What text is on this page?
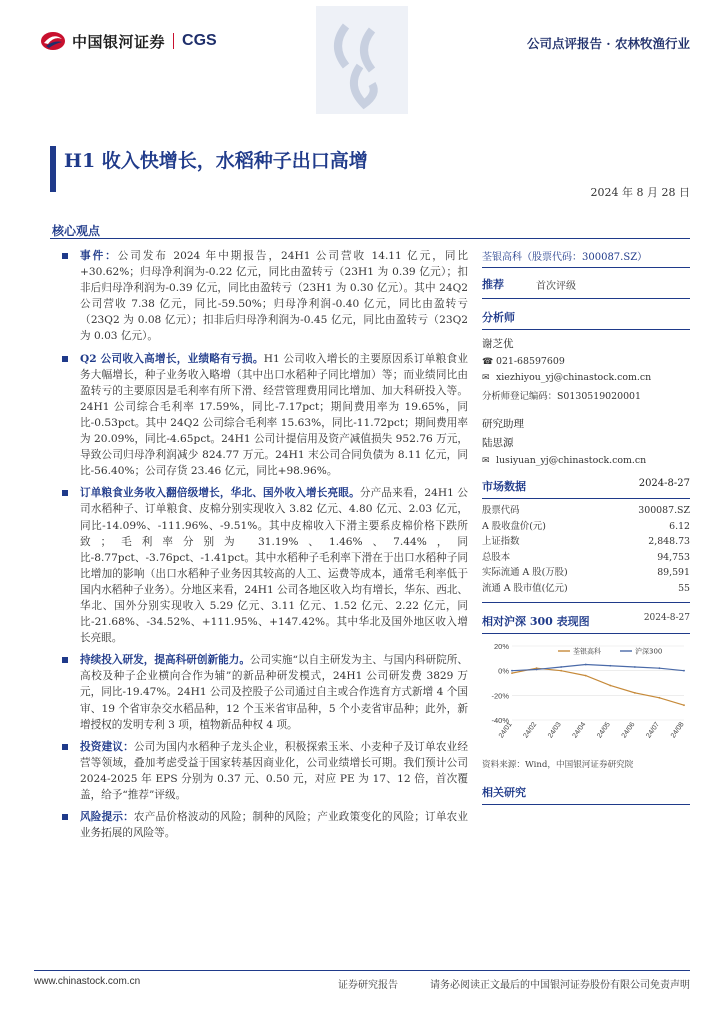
中国银河证券 CGS	公司点评报告 · 农林牧渔行业
H1 收入快增长，水稻种子出口高增
2024 年 8 月 28 日
核心观点
事件：公司发布 2024 年中期报告，24H1 公司营收 14.11 亿元，同比+30.62%；归母净利润为-0.22 亿元，同比由盈转亏（23H1 为 0.39 亿元）；扣非后归母净利润为-0.39 亿元，同比由盈转亏（23H1 为 0.30 亿元）。其中 24Q2 公司营收 7.38 亿元，同比-59.50%；归母净利润-0.40 亿元，同比由盈转亏（23Q2 为 0.08 亿元）；扣非后归母净利润为-0.45 亿元，同比由盈转亏（23Q2 为 0.03 亿元）。
Q2 公司收入高增长，业绩略有亏损。H1 公司收入增长的主要原因系订单粮食业务大幅增长，种子业务收入略增（其中出口水稻种子同比增加）等；而业绩同比由盈转亏的主要原因是毛利率有所下滑、经营管理费用同比增加、加大科研投入等。24H1 公司综合毛利率 17.59%，同比-7.17pct；期间费用率为 19.65%，同比-0.53pct。其中 24Q2 公司综合毛利率 15.63%，同比-11.72pct；期间费用率为 20.09%，同比-4.65pct。24H1 公司计提信用及资产减值损失 952.76 万元，导致公司归母净利润减少 824.77 万元。24H1 末公司合同负债为 8.11 亿元，同比-56.40%；公司存货 23.46 亿元，同比+98.96%。
订单粮食业务收入翻倍级增长，华北、国外收入增长亮眼。分产品来看，24H1 公司水稻种子、订单粮食、皮棉分别实现收入 3.82 亿元、4.80 亿元、2.03 亿元，同比-14.09%、-111.96%、-9.51%。其中皮棉收入下滑主要系皮棉价格下跌所致；毛利率分别为 31.19%、1.46%、7.44%，同比-8.77pct、-3.76pct、-1.41pct。其中水稻种子毛利率下滑在于出口水稻种子同比增加的影响（出口水稻种子业务因其较高的人工、运费等成本，通常毛利率低于国内水稻种子业务）。分地区来看，24H1 公司各地区收入均有增长，华东、西北、华北、国外分别实现收入 5.29 亿元、3.11 亿元、1.52 亿元、2.22 亿元，同比-21.68%、-34.52%、+111.95%、+147.42%。其中华北及国外地区收入增长亮眼。
持续投入研发，提高科研创新能力。公司实施“以自主研发为主、与国内科研院所、高校及种子企业横向合作为辅”的新品种研发模式，24H1 公司研发费 3829 万元，同比-19.47%。24H1 公司及控股子公司通过自主或合作选育方式新增 4 个国审、19 个省审杂交水稻品种，12 个玉米省审品种，5 个小麦省审品种；此外，新增授权的发明专利 3 项，植物新品种权 4 项。
投资建议：公司为国内水稻种子龙头企业，积极探索玉米、小麦种子及订单农业经营等领域，叠加考虑受益于国家转基因商业化，公司业绩增长可期。我们预计公司 2024-2025 年 EPS 分别为 0.37 元、0.50 元，对应 PE 为 17、12 倍，首次覆盖，给予“推荐”评级。
风险提示：农产品价格波动的风险；制种的风险；产业政策变化的风险；订单农业业务拓展的风险等。
荃银高科（股票代码：300087.SZ）
推荐	首次评级
分析师
谢芝优
☎ 021-68597609
✉ xiezhiyou_yj@chinastock.com.cn
分析师登记编码：S0130519020001
研究助理
陆思源
✉ lusiyuan_yj@chinastock.com.cn
市场数据	2024-8-27
股票代码	300087.SZ
A 股收盘价(元)	6.12
上证指数	2,848.73
总股本	94,753
实际流通 A 股(万股)	89,591
流通 A 股市值(亿元)	55
相对沪深 300 表现图	2024-8-27
20%
0%
-20%
-40%
24/01 24/02 24/03 24/04 24/05 24/06 24/07 24/08
荃银高科	沪深300
资料来源：Wind，中国银河证券研究院
相关研究
www.chinastock.com.cn	证券研究报告	请务必阅读正文最后的中国银河证券股份有限公司免责声明
